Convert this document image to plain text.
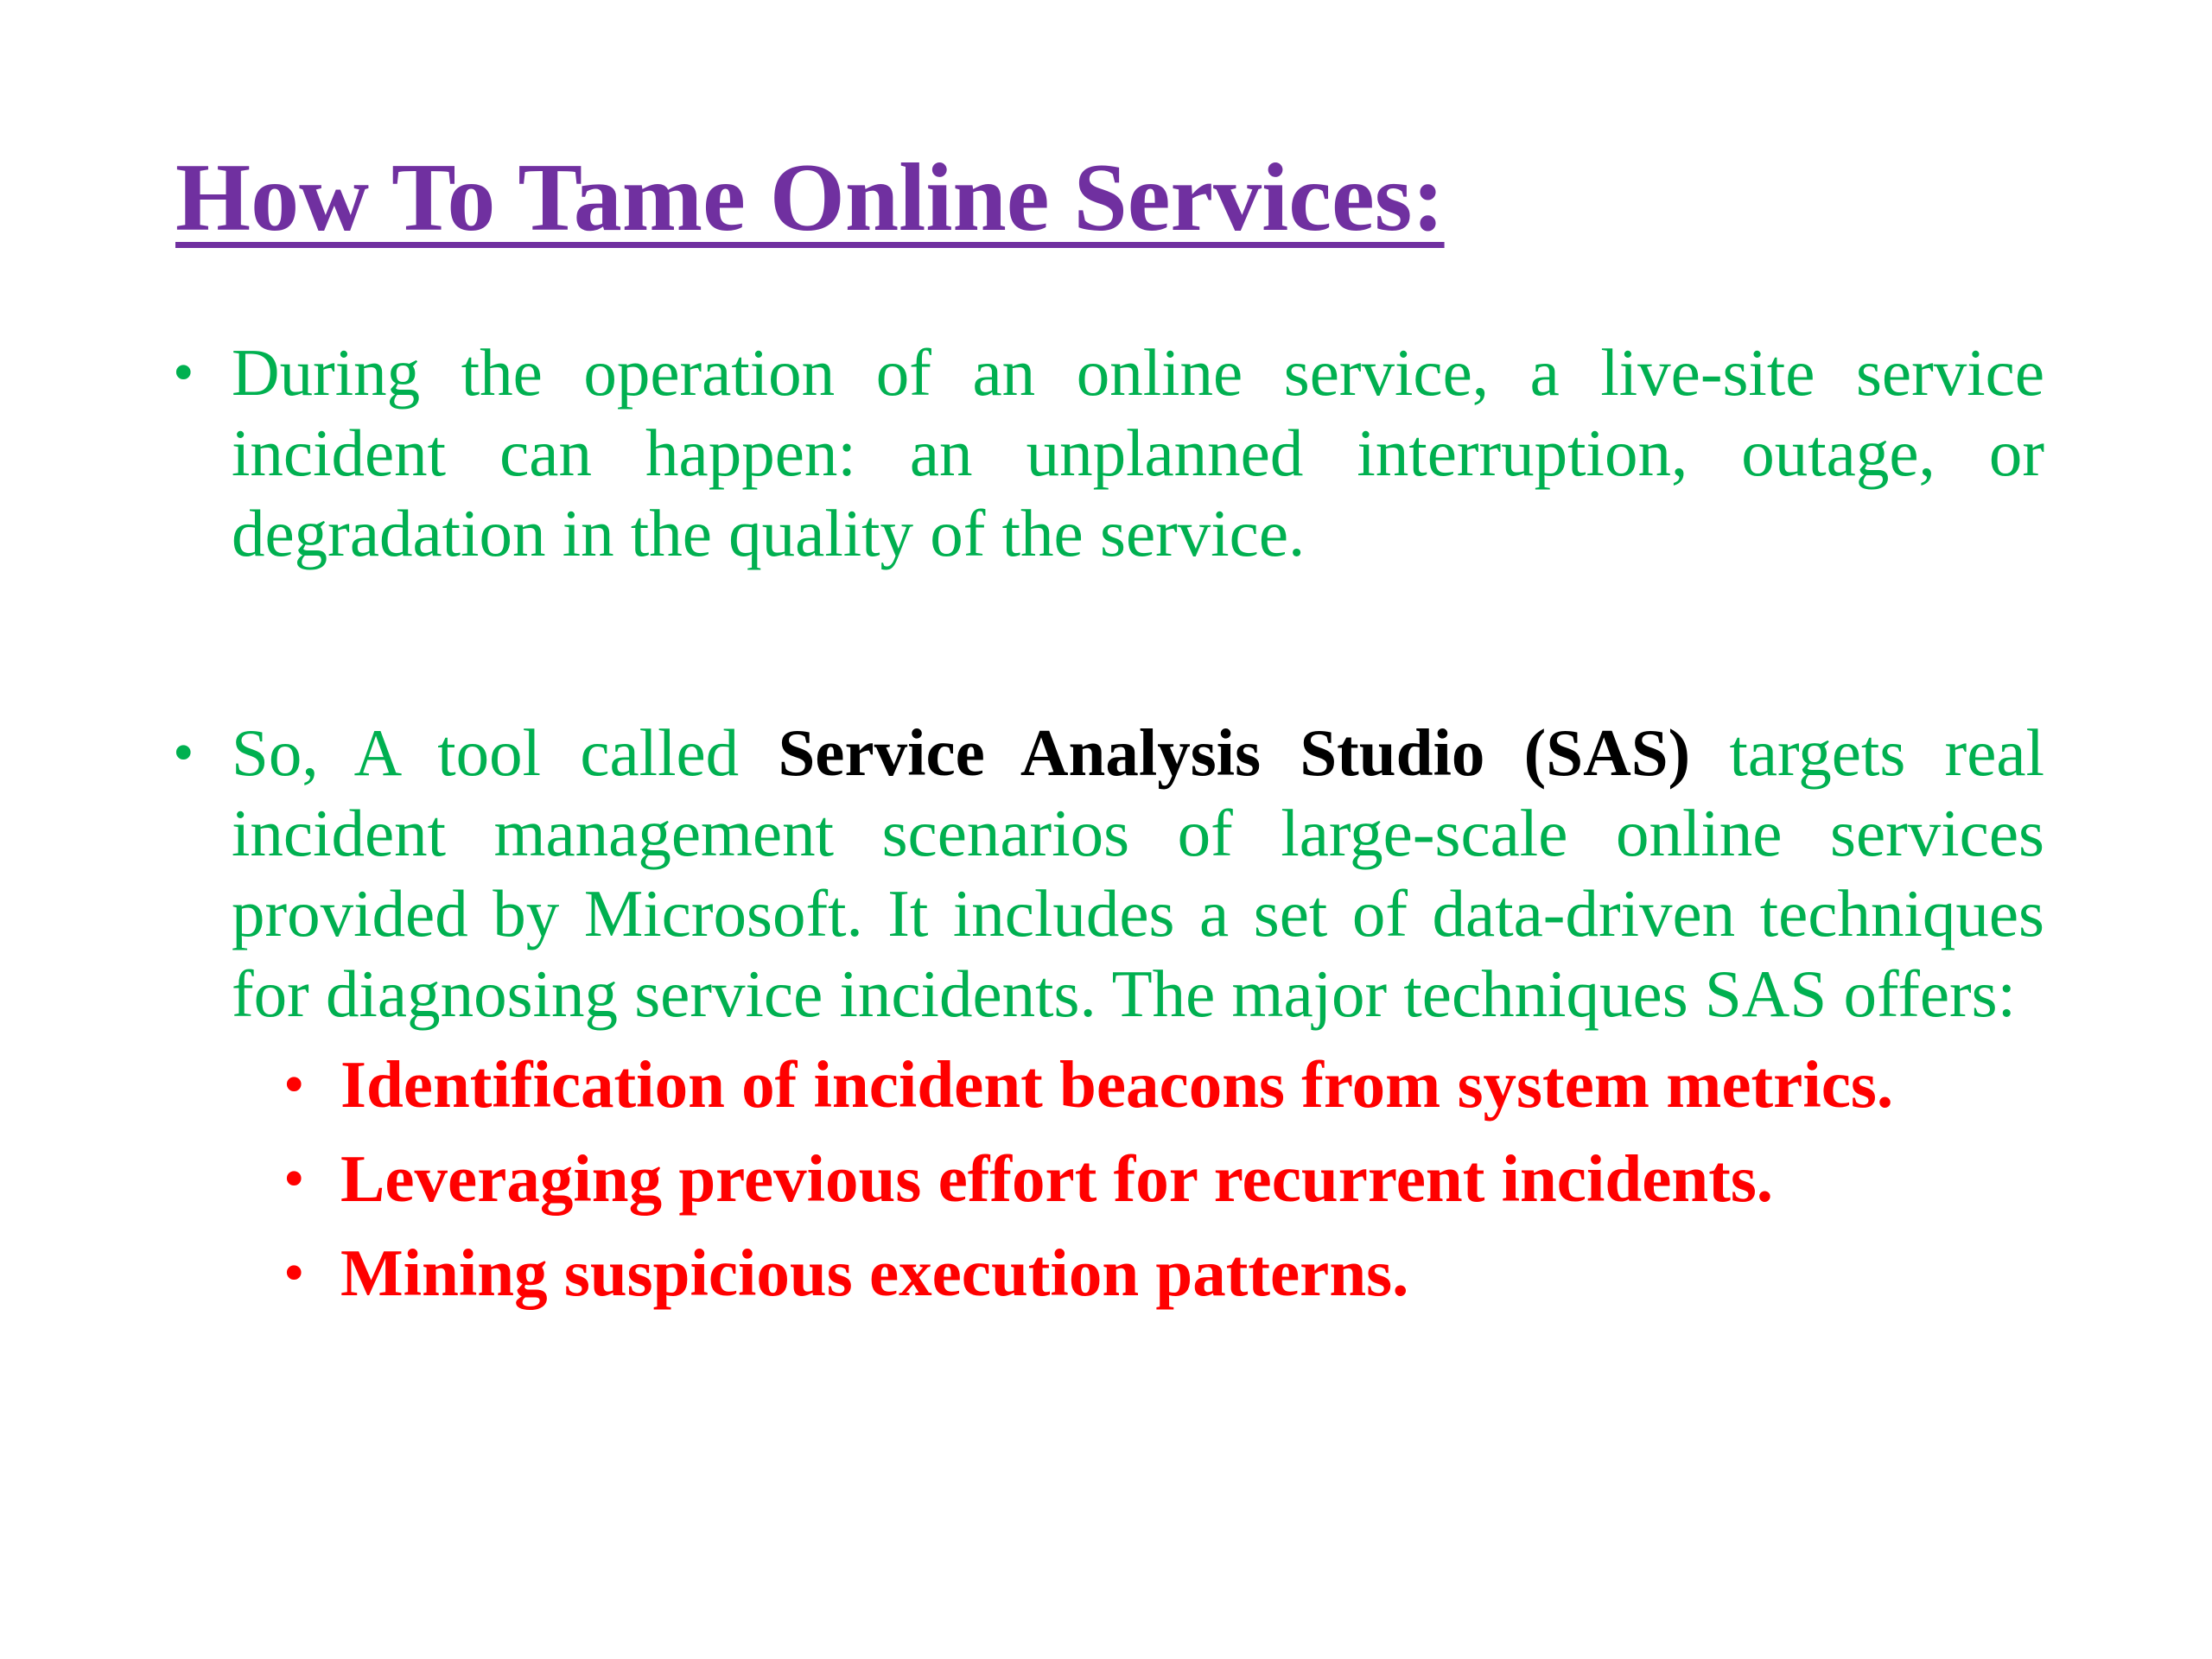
How To Tame Online Services:
• During the operation of an online service, a live-site service incident can happen: an unplanned interruption, outage, or degradation in the quality of the service.
• So, A tool called Service Analysis Studio (SAS) targets real incident management scenarios of large-scale online services provided by Microsoft. It includes a set of data-driven techniques for diagnosing service incidents. The major techniques SAS offers:
• Identification of incident beacons from system metrics.
• Leveraging previous effort for recurrent incidents.
• Mining suspicious execution patterns.
